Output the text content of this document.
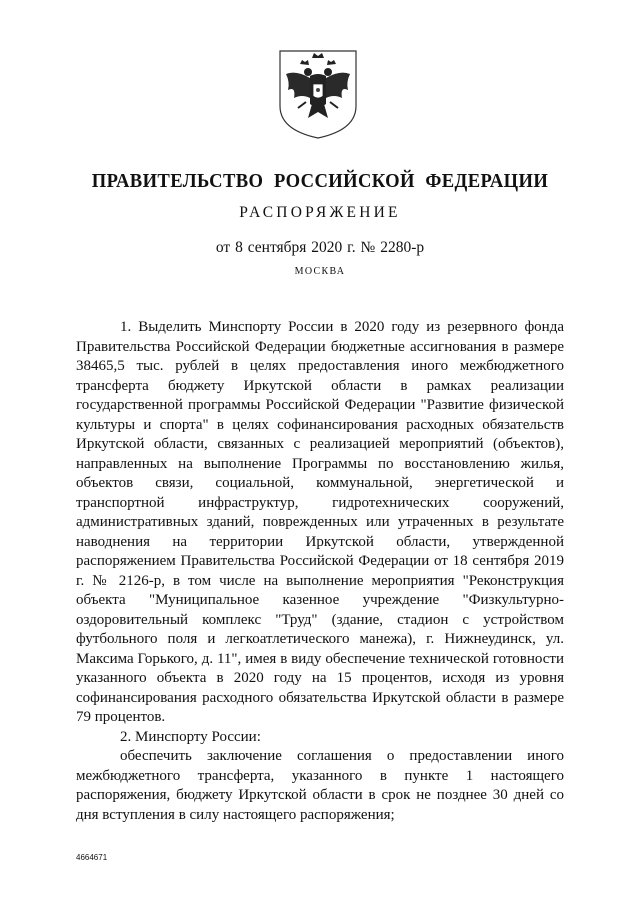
ПРАВИТЕЛЬСТВО РОССИЙСКОЙ ФЕДЕРАЦИИ
РАСПОРЯЖЕНИЕ
от 8 сентября 2020 г. № 2280-р
МОСКВА

1. Выделить Минспорту России в 2020 году из резервного фонда Правительства Российской Федерации бюджетные ассигнования в размере 38465,5 тыс. рублей в целях предоставления иного межбюджетного трансферта бюджету Иркутской области в рамках реализации государственной программы Российской Федерации "Развитие физической культуры и спорта" в целях софинансирования расходных обязательств Иркутской области, связанных с реализацией мероприятий (объектов), направленных на выполнение Программы по восстановлению жилья, объектов связи, социальной, коммунальной, энергетической и транспортной инфраструктур, гидротехнических сооружений, административных зданий, поврежденных или утраченных в результате наводнения на территории Иркутской области, утвержденной распоряжением Правительства Российской Федерации от 18 сентября 2019 г. № 2126-р, в том числе на выполнение мероприятия "Реконструкция объекта "Муниципальное казенное учреждение "Физкультурно-оздоровительный комплекс "Труд" (здание, стадион с устройством футбольного поля и легкоатлетического манежа), г. Нижнеудинск, ул. Максима Горького, д. 11", имея в виду обеспечение технической готовности указанного объекта в 2020 году на 15 процентов, исходя из уровня софинансирования расходного обязательства Иркутской области в размере 79 процентов.

2. Минспорту России:

обеспечить заключение соглашения о предоставлении иного межбюджетного трансферта, указанного в пункте 1 настоящего распоряжения, бюджету Иркутской области в срок не позднее 30 дней со дня вступления в силу настоящего распоряжения;

4664671
